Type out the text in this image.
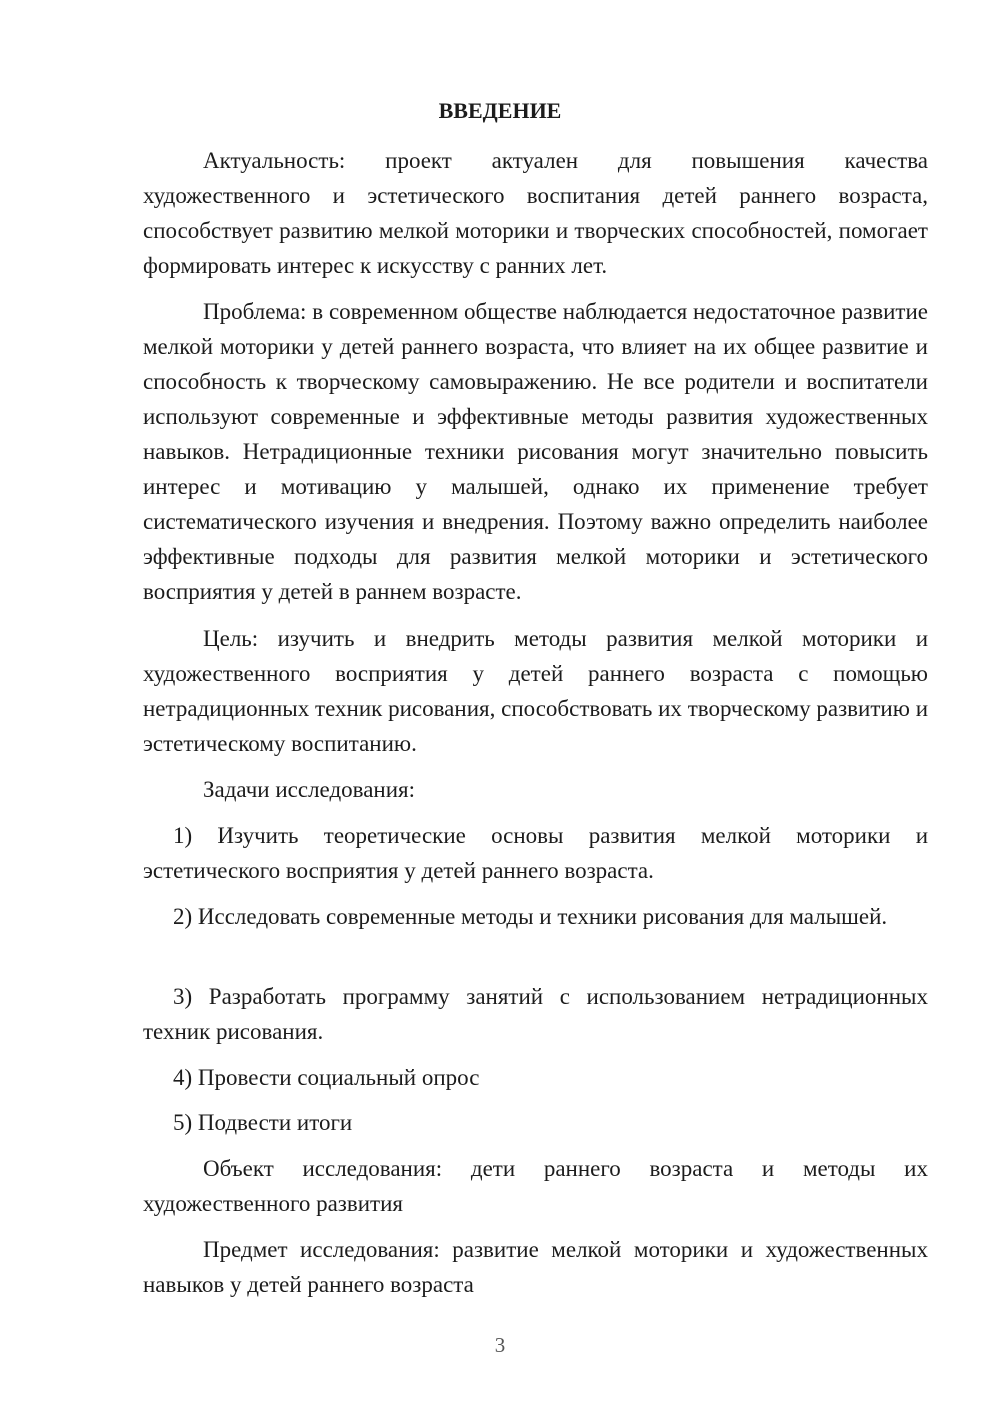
ВВЕДЕНИЕ

Актуальность: проект актуален для повышения качества художественного и эстетического воспитания детей раннего возраста, способствует развитию мелкой моторики и творческих способностей, помогает формировать интерес к искусству с ранних лет.

Проблема: в современном обществе наблюдается недостаточное развитие мелкой моторики у детей раннего возраста, что влияет на их общее развитие и способность к творческому самовыражению. Не все родители и воспитатели используют современные и эффективные методы развития художественных навыков. Нетрадиционные техники рисования могут значительно повысить интерес и мотивацию у малышей, однако их применение требует систематического изучения и внедрения. Поэтому важно определить наиболее эффективные подходы для развития мелкой моторики и эстетического восприятия у детей в раннем возрасте.

Цель: изучить и внедрить методы развития мелкой моторики и художественного восприятия у детей раннего возраста с помощью нетрадиционных техник рисования, способствовать их творческому развитию и эстетическому воспитанию.

Задачи исследования:

1) Изучить теоретические основы развития мелкой моторики и эстетического восприятия у детей раннего возраста.

2) Исследовать современные методы и техники рисования для малышей.

3) Разработать программу занятий с использованием нетрадиционных техник рисования.

4) Провести социальный опрос

5) Подвести итоги

Объект исследования: дети раннего возраста и методы их художественного развития

Предмет исследования: развитие мелкой моторики и художественных навыков у детей раннего возраста

3
